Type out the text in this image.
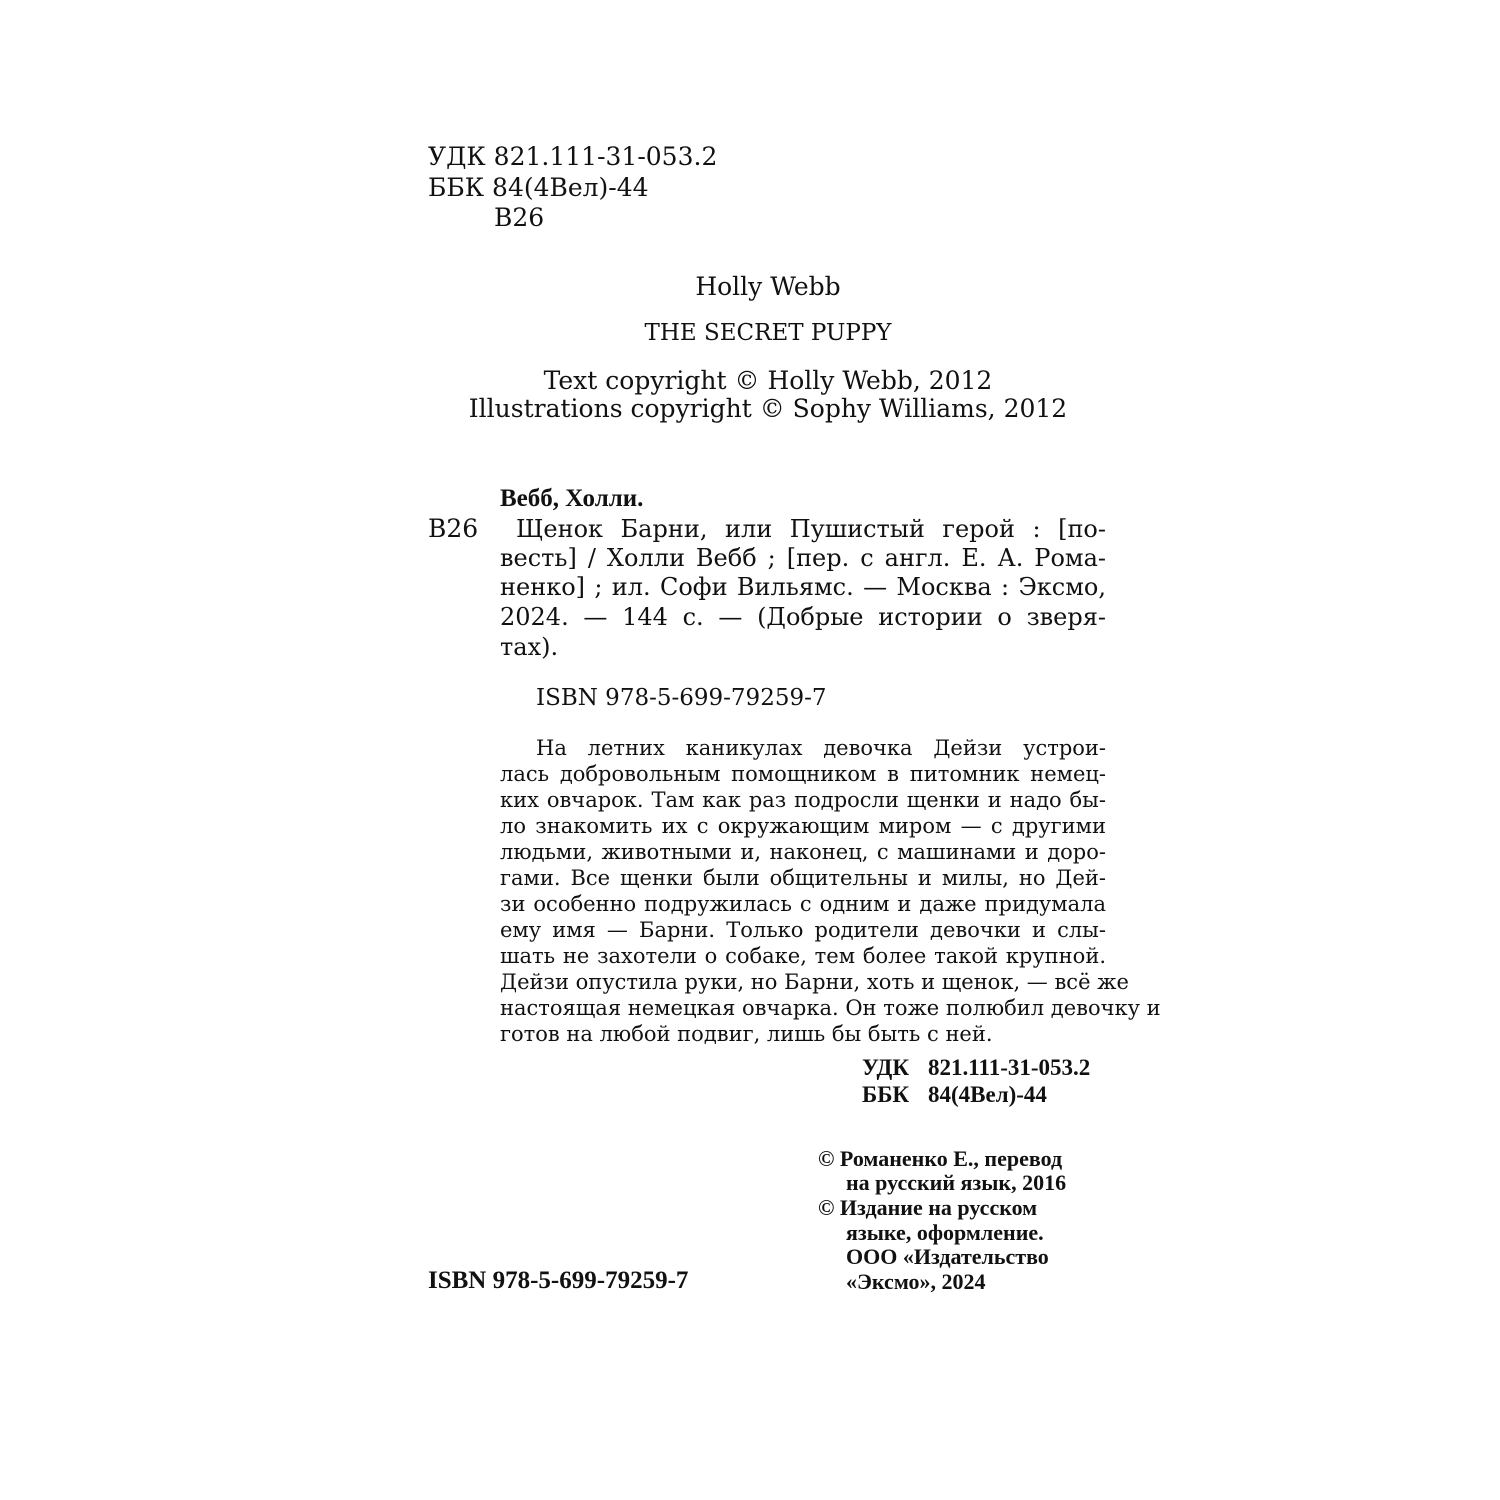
УДК 821.111-31-053.2
ББК 84(4Вел)-44
В26
Holly Webb
THE SECRET PUPPY
Text copyright © Holly Webb, 2012
Illustrations copyright © Sophy Williams, 2012
Вебб, Холли.
В26	Щенок Барни, или Пушистый герой : [по-
весть] / Холли Вебб ; [пер. с англ. Е. А. Рома-
ненко] ; ил. Софи Вильямс. — Москва : Эксмо,
2024. — 144 с. — (Добрые истории о зверя-
тах).
ISBN 978-5-699-79259-7
На летних каникулах девочка Дейзи устрои-
лась добровольным помощником в питомник немец-
ких овчарок. Там как раз подросли щенки и надо бы-
ло знакомить их с окружающим миром — с другими
людьми, животными и, наконец, с машинами и доро-
гами. Все щенки были общительны и милы, но Дей-
зи особенно подружилась с одним и даже придумала
ему имя — Барни. Только родители девочки и слы-
шать не захотели о собаке, тем более такой крупной.
Дейзи опустила руки, но Барни, хоть и щенок, — всё же
настоящая немецкая овчарка. Он тоже полюбил девочку и
готов на любой подвиг, лишь бы быть с ней.
УДК 821.111-31-053.2
ББК 84(4Вел)-44
© Романенко Е., перевод
на русский язык, 2016
© Издание на русском
языке, оформление.
ООО «Издательство
«Эксмо», 2024
ISBN 978-5-699-79259-7
